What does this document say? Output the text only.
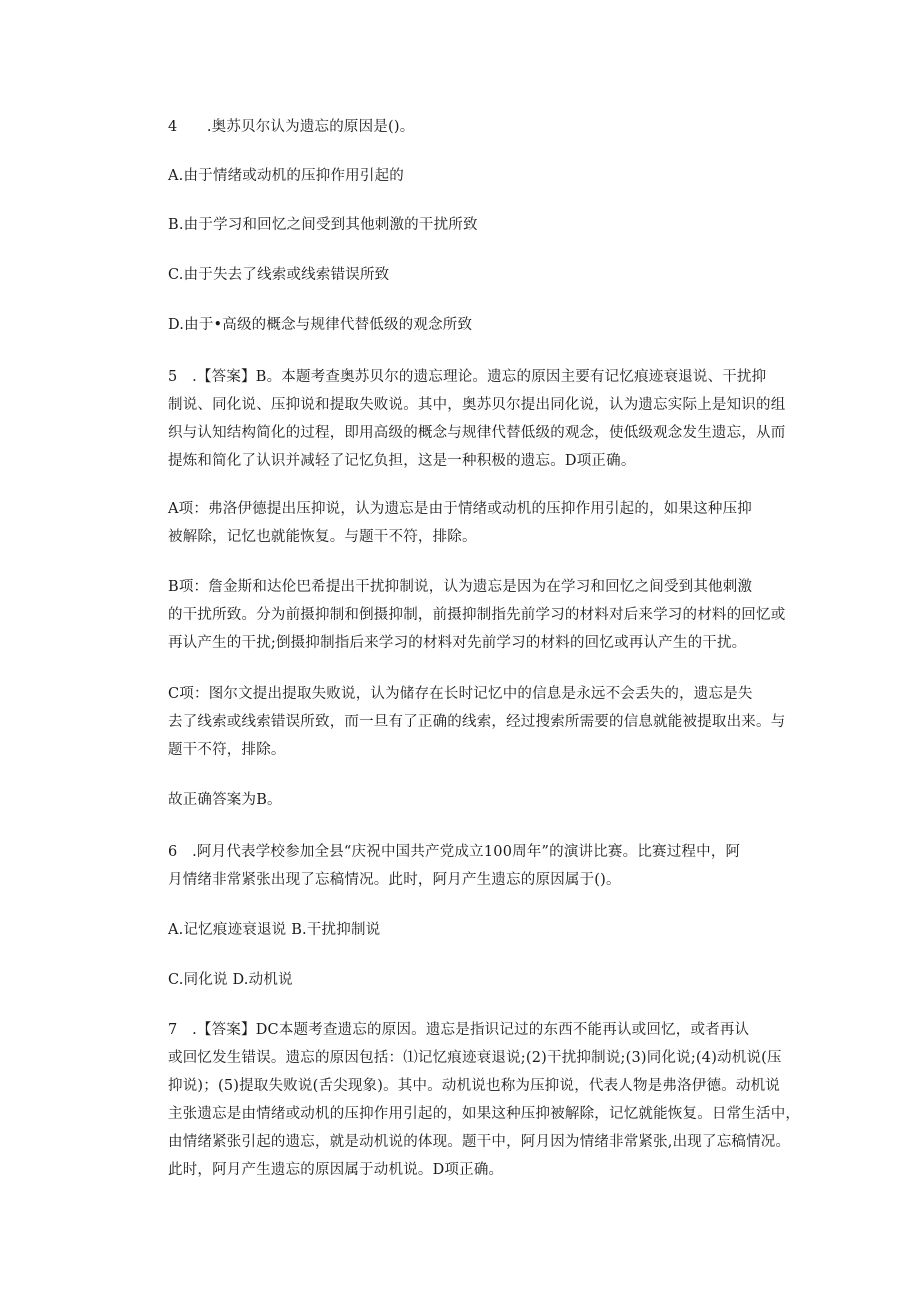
4　　.奥苏贝尔认为遗忘的原因是()。
A.由于情绪或动机的压抑作用引起的
B.由于学习和回忆之间受到其他刺激的干扰所致
C.由于失去了线索或线索错误所致
D.由于•高级的概念与规律代替低级的观念所致
5　.【答案】B。本题考查奥苏贝尔的遗忘理论。遗忘的原因主要有记忆痕迹衰退说、干扰抑
制说、同化说、压抑说和提取失败说。其中，奥苏贝尔提出同化说，认为遗忘实际上是知识的组
织与认知结构简化的过程，即用高级的概念与规律代替低级的观念，使低级观念发生遗忘，从而
提炼和简化了认识并减轻了记忆负担，这是一种积极的遗忘。D项正确。
A项：弗洛伊德提出压抑说，认为遗忘是由于情绪或动机的压抑作用引起的，如果这种压抑
被解除，记忆也就能恢复。与题干不符，排除。
B项：詹金斯和达伦巴希提出干扰抑制说，认为遗忘是因为在学习和回忆之间受到其他刺激
的干扰所致。分为前摄抑制和倒摄抑制，前摄抑制指先前学习的材料对后来学习的材料的回忆或
再认产生的干扰;倒摄抑制指后来学习的材料对先前学习的材料的回忆或再认产生的干扰。
C项：图尔文提出提取失败说，认为储存在长时记忆中的信息是永远不会丢失的，遗忘是失
去了线索或线索错误所致，而一旦有了正确的线索，经过搜索所需要的信息就能被提取出来。与
题干不符，排除。
故正确答案为B。
6　.阿月代表学校参加全县“庆祝中国共产党成立100周年”的演讲比赛。比赛过程中，阿
月情绪非常紧张出现了忘稿情况。此时，阿月产生遗忘的原因属于()。
A.记忆痕迹衰退说 B.干扰抑制说
C.同化说 D.动机说
7　.【答案】DC本题考查遗忘的原因。遗忘是指识记过的东西不能再认或回忆，或者再认
或回忆发生错误。遗忘的原因包括：⑴记忆痕迹衰退说;(2)干扰抑制说;(3)同化说;(4)动机说(压
抑说)；(5)提取失败说(舌尖现象)。其中。动机说也称为压抑说，代表人物是弗洛伊德。动机说
主张遗忘是由情绪或动机的压抑作用引起的，如果这种压抑被解除，记忆就能恢复。日常生活中，
由情绪紧张引起的遗忘，就是动机说的体现。题干中，阿月因为情绪非常紧张,出现了忘稿情况。
此时，阿月产生遗忘的原因属于动机说。D项正确。
